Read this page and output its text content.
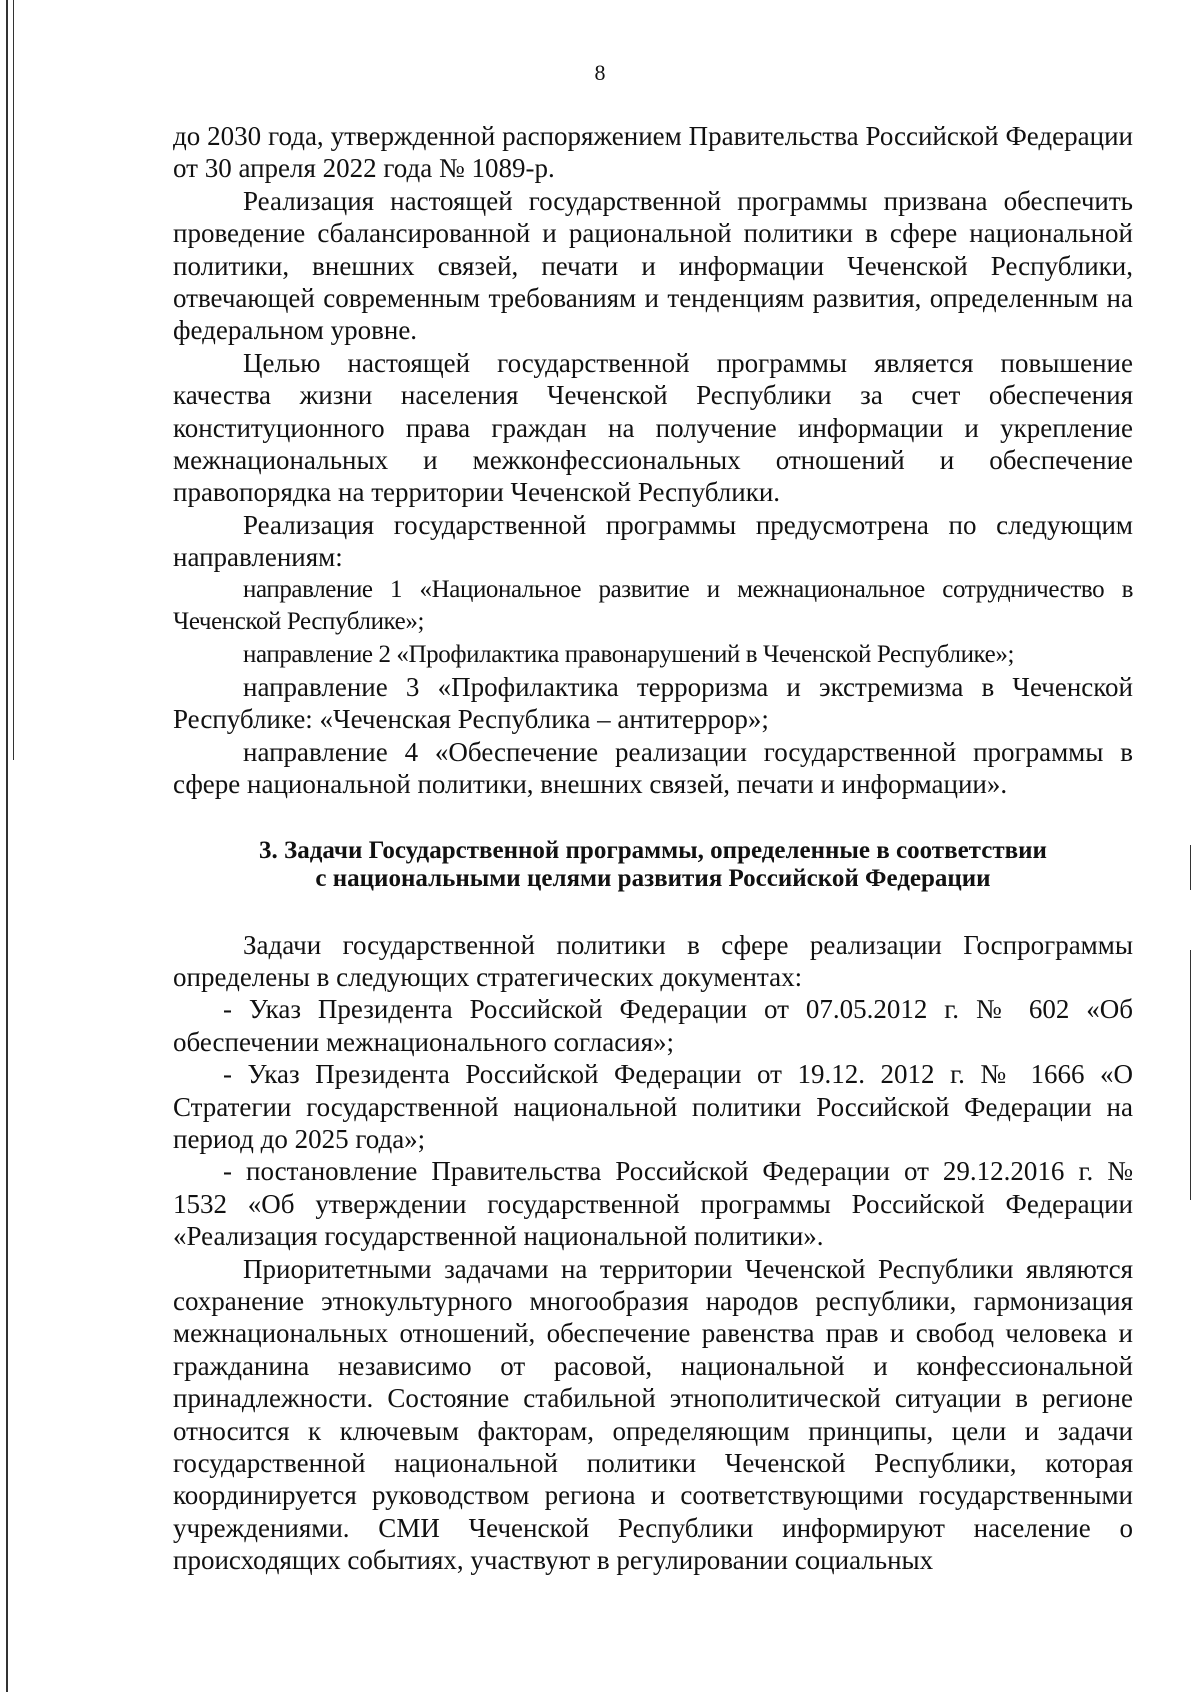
8

до 2030 года, утвержденной распоряжением Правительства Российской Федерации от 30 апреля 2022 года № 1089-р.

Реализация настоящей государственной программы призвана обеспечить проведение сбалансированной и рациональной политики в сфере национальной политики, внешних связей, печати и информации Чеченской Республики, отвечающей современным требованиям и тенденциям развития, определенным на федеральном уровне.

Целью настоящей государственной программы является повышение качества жизни населения Чеченской Республики за счет обеспечения конституционного права граждан на получение информации и укрепление межнациональных и межконфессиональных отношений и обеспечение правопорядка на территории Чеченской Республики.

Реализация государственной программы предусмотрена по следующим направлениям:

направление 1 «Национальное развитие и межнациональное сотрудничество в Чеченской Республике»;

направление 2 «Профилактика правонарушений в Чеченской Республике»;

направление 3 «Профилактика терроризма и экстремизма в Чеченской Республике: «Чеченская Республика – антитеррор»;

направление 4 «Обеспечение реализации государственной программы в сфере национальной политики, внешних связей, печати и информации».

3. Задачи Государственной программы, определенные в соответствии
с национальными целями развития Российской Федерации

Задачи государственной политики в сфере реализации Госпрограммы определены в следующих стратегических документах:

- Указ Президента Российской Федерации от 07.05.2012 г. № 602 «Об обеспечении межнационального согласия»;

- Указ Президента Российской Федерации от 19.12. 2012 г. № 1666 «О Стратегии государственной национальной политики Российской Федерации на период до 2025 года»;

- постановление Правительства Российской Федерации от 29.12.2016 г. № 1532 «Об утверждении государственной программы Российской Федерации «Реализация государственной национальной политики».

Приоритетными задачами на территории Чеченской Республики являются сохранение этнокультурного многообразия народов республики, гармонизация межнациональных отношений, обеспечение равенства прав и свобод человека и гражданина независимо от расовой, национальной и конфессиональной принадлежности. Состояние стабильной этнополитической ситуации в регионе относится к ключевым факторам, определяющим принципы, цели и задачи государственной национальной политики Чеченской Республики, которая координируется руководством региона и соответствующими государственными учреждениями. СМИ Чеченской Республики информируют население о происходящих событиях, участвуют в регулировании социальных
